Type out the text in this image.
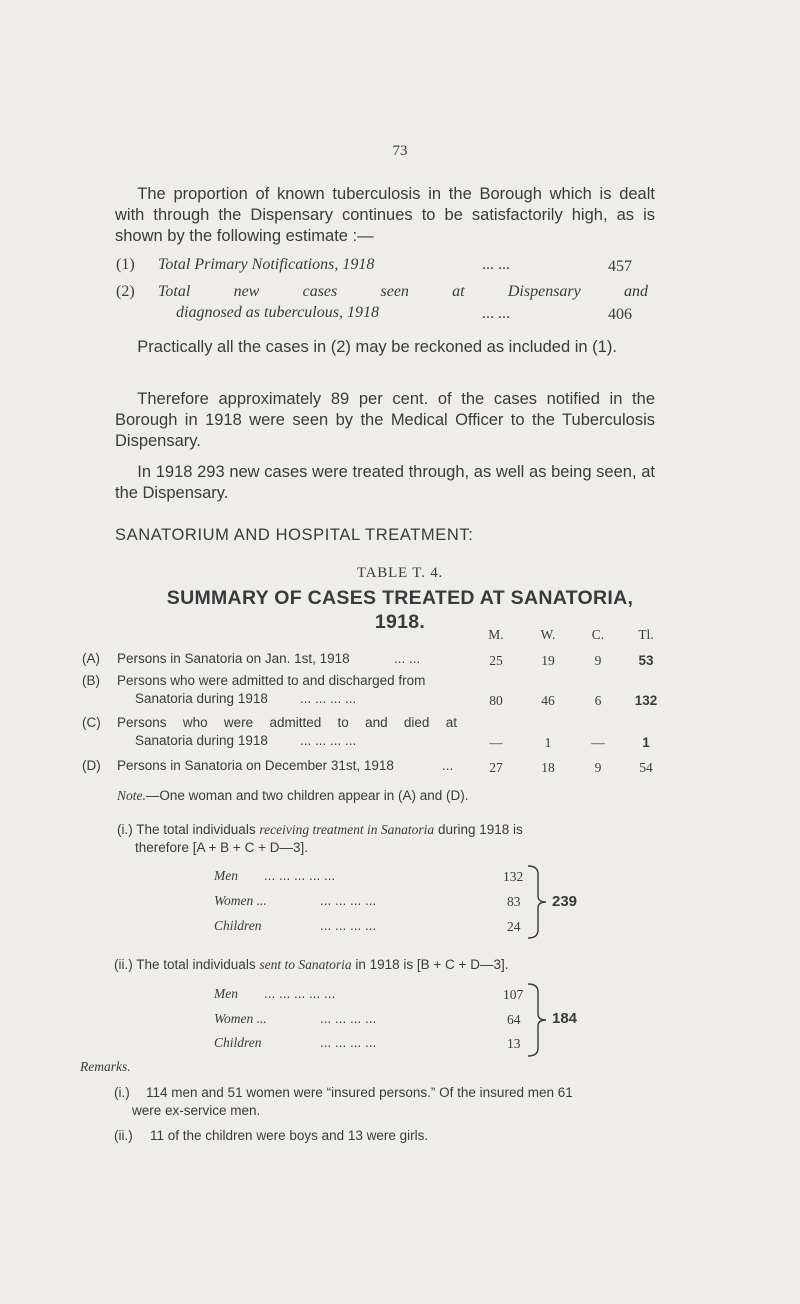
73
The proportion of known tuberculosis in the Borough which is dealt with through the Dispensary continues to be satisfactorily high, as is shown by the following estimate :—
(1) Total Primary Notifications, 1918	... ...	457
(2) Total new cases seen at Dispensary and
diagnosed as tuberculous, 1918	... ...	406
Practically all the cases in (2) may be reckoned as included in (1).
Therefore approximately 89 per cent. of the cases notified in the Borough in 1918 were seen by the Medical Officer to the Tuberculosis Dispensary.
In 1918 293 new cases were treated through, as well as being seen, at the Dispensary.
SANATORIUM AND HOSPITAL TREATMENT:
TABLE T. 4.
SUMMARY OF CASES TREATED AT SANATORIA,
1918.
M.	W.	C.	Tl.
(A) Persons in Sanatoria on Jan. 1st, 1918	... ...	25	19	9	53
(B) Persons who were admitted to and discharged from
Sanatoria during 1918 ... ... ... ...	80	46	6	132
(C) Persons who were admitted to and died at
Sanatoria during 1918 ... ... ... ...	—	1	—	1
(D) Persons in Sanatoria on December 31st, 1918	...	27	18	9	54
Note.—One woman and two children appear in (A) and (D).
(i.) The total individuals receiving treatment in Sanatoria during 1918 is
therefore [A + B + C + D—3].
Men ... ... ... ... ...	132
Women ...	... ... ... ...	83
Children	... ... ... ...	24
239
(ii.) The total individuals sent to Sanatoria in 1918 is [B + C + D—3].
Men ... ... ... ... ...	107
Women ...	... ... ... ...	64
Children	... ... ... ...	13
184
Remarks.
(i.) 114 men and 51 women were “insured persons.” Of the insured men 61
were ex-service men.
(ii.) 11 of the children were boys and 13 were girls.
